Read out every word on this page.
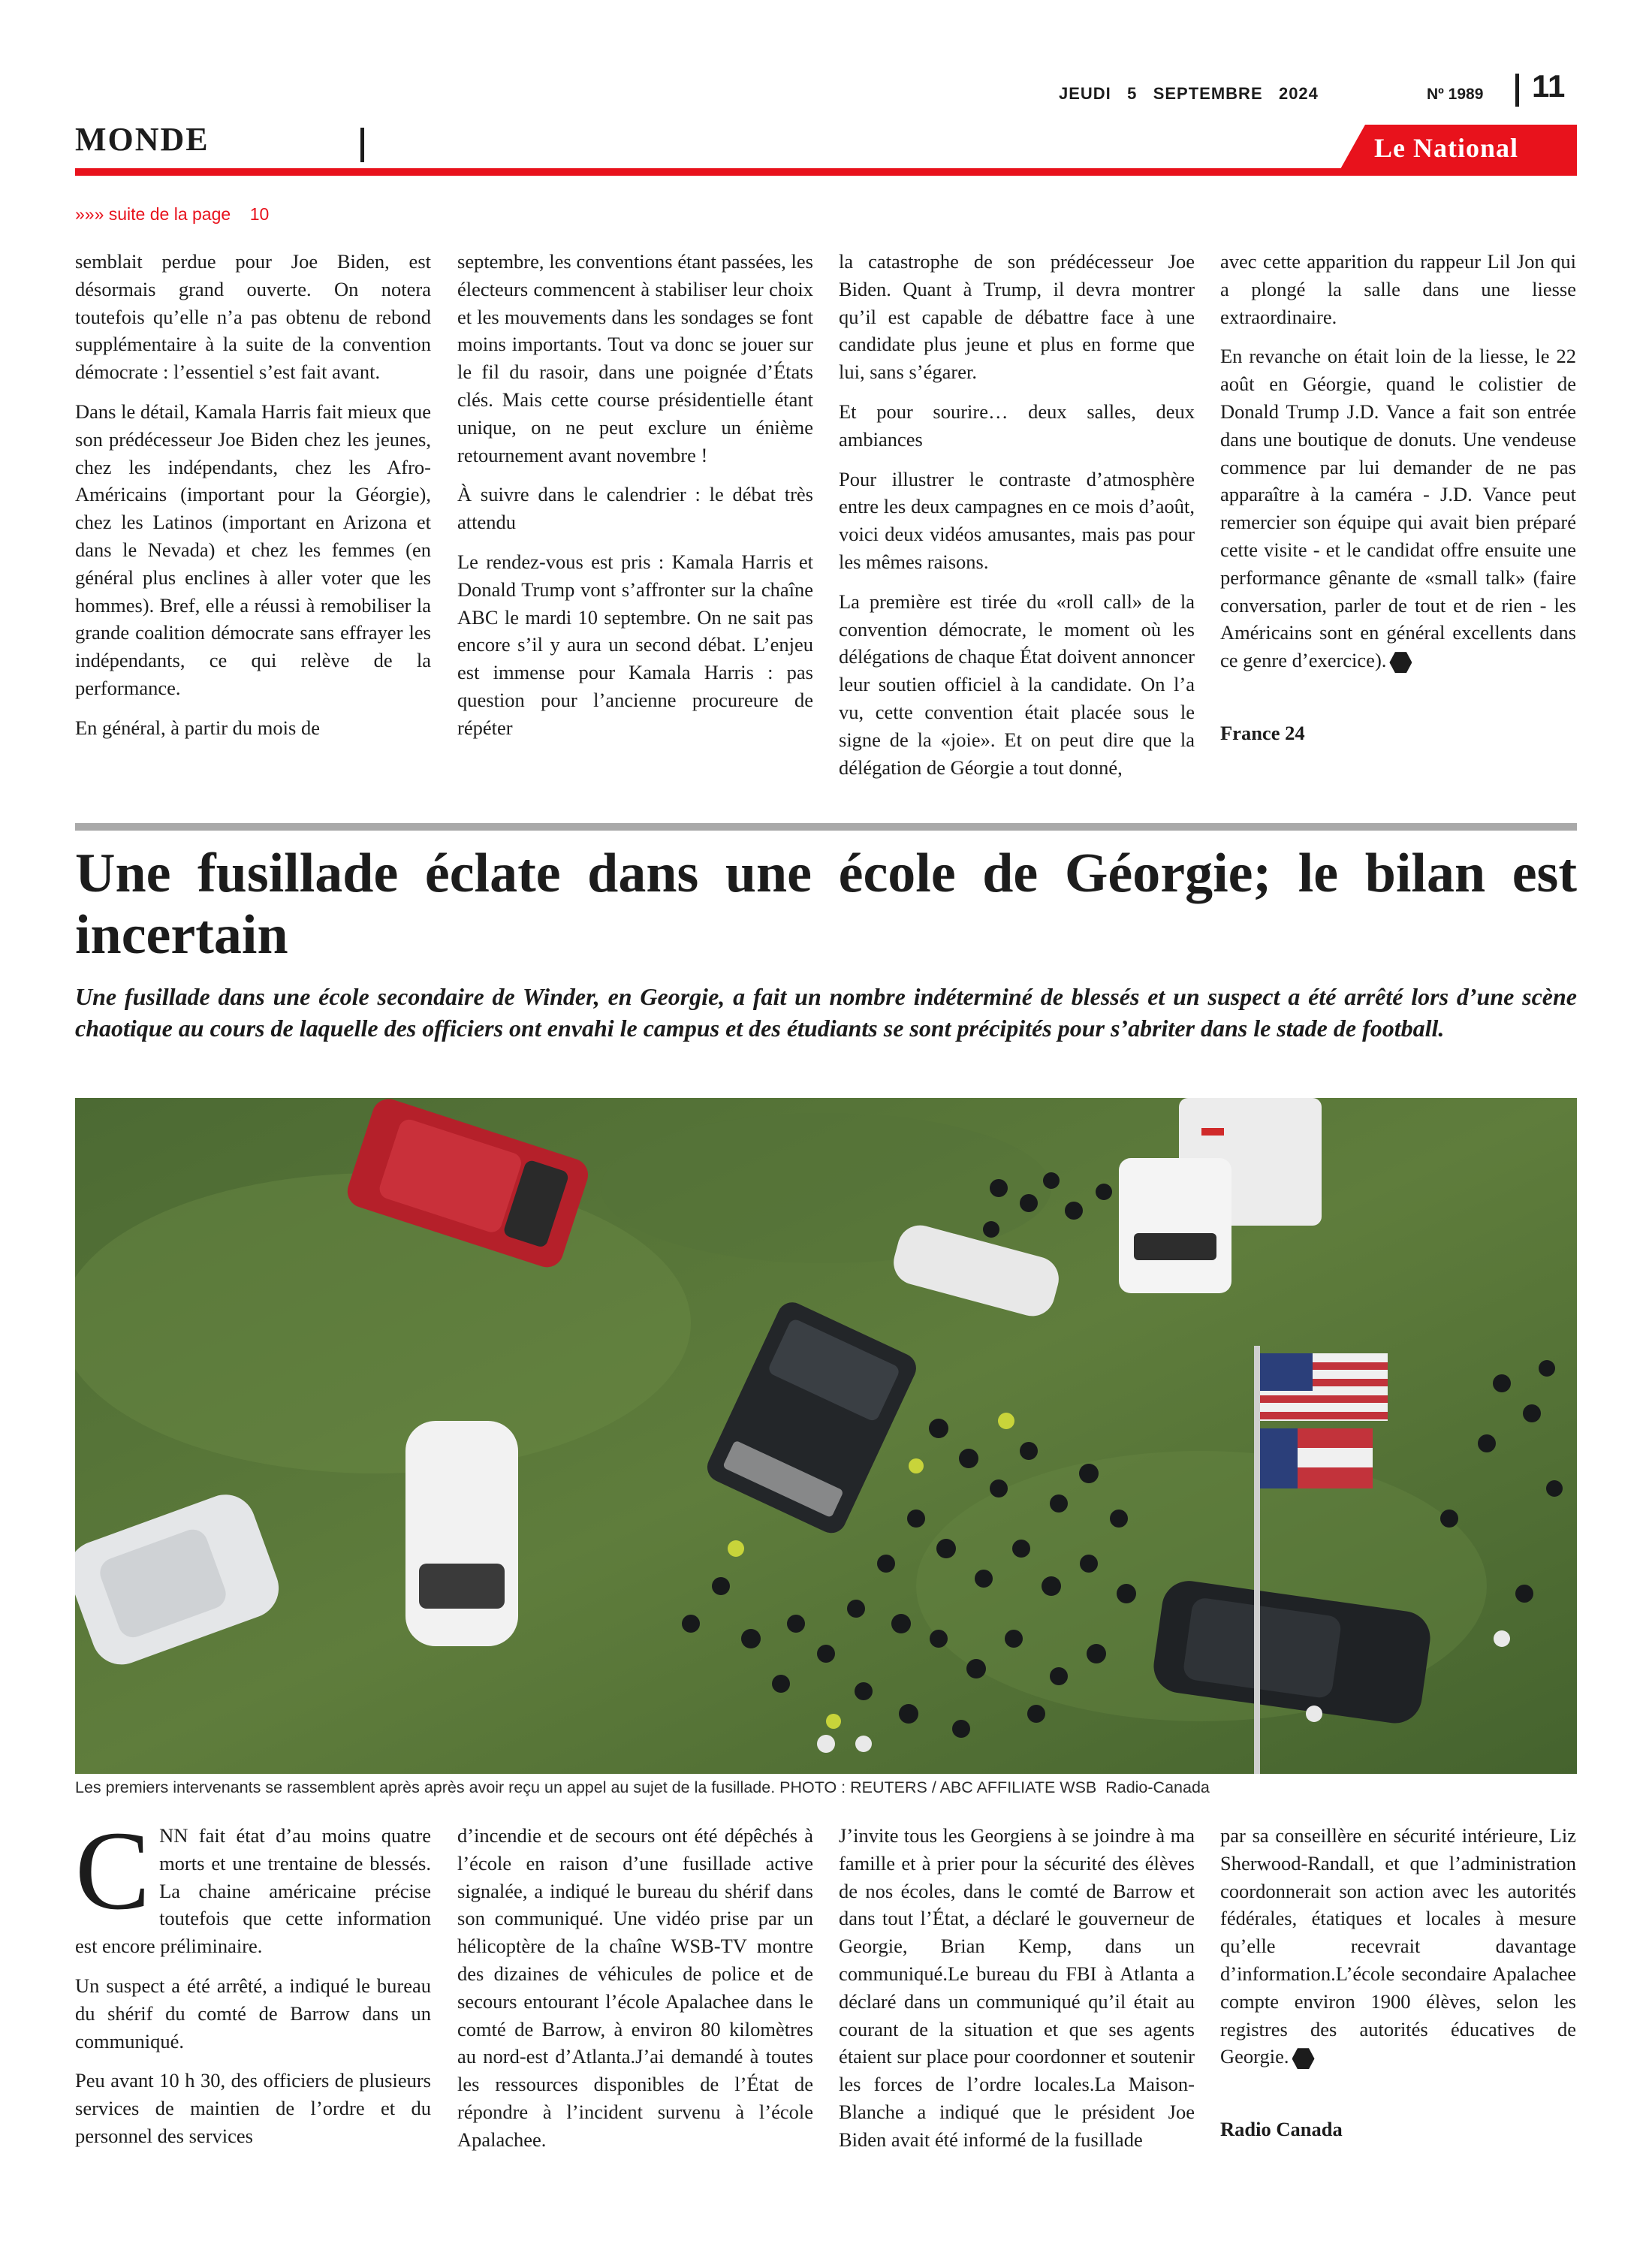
JEUDI   5   SEPTEMBRE   2024	Nº 1989 11
MONDE	Le National
»»» suite de la page    10

semblait perdue pour Joe Biden, est désormais grand ouverte. On notera toutefois qu’elle n’a pas obtenu de rebond supplémentaire à la suite de la convention démocrate : l’essentiel s’est fait avant.

Dans le détail, Kamala Harris fait mieux que son prédécesseur Joe Biden chez les jeunes, chez les indépendants, chez les Afro-Américains (important pour la Géorgie), chez les Latinos (important en Arizona et dans le Nevada) et chez les femmes (en général plus enclines à aller voter que les hommes). Bref, elle a réussi à remobiliser la grande coalition démocrate sans effrayer les indépendants, ce qui relève de la performance.

En général, à partir du mois de

septembre, les conventions étant passées, les électeurs commencent à stabiliser leur choix et les mouvements dans les sondages se font moins importants. Tout va donc se jouer sur le fil du rasoir, dans une poignée d’États clés. Mais cette course présidentielle étant unique, on ne peut exclure un énième retournement avant novembre !

À suivre dans le calendrier : le débat très attendu

Le rendez-vous est pris : Kamala Harris et Donald Trump vont s’affronter sur la chaîne ABC le mardi 10 septembre. On ne sait pas encore s’il y aura un second débat. L’enjeu est immense pour Kamala Harris : pas question pour l’ancienne procureure de répéter

la catastrophe de son prédécesseur Joe Biden. Quant à Trump, il devra montrer qu’il est capable de débattre face à une candidate plus jeune et plus en forme que lui, sans s’égarer.

Et pour sourire… deux salles, deux ambiances

Pour illustrer le contraste d’atmosphère entre les deux campagnes en ce mois d’août, voici deux vidéos amusantes, mais pas pour les mêmes raisons.

La première est tirée du «roll call» de la convention démocrate, le moment où les délégations de chaque État doivent annoncer leur soutien officiel à la candidate. On l’a vu, cette convention était placée sous le signe de la «joie». Et on peut dire que la délégation de Géorgie a tout donné,

avec cette apparition du rappeur Lil Jon qui a plongé la salle dans une liesse extraordinaire.

En revanche on était loin de la liesse, le 22 août en Géorgie, quand le colistier de Donald Trump J.D. Vance a fait son entrée dans une boutique de donuts. Une vendeuse commence par lui demander de ne pas apparaître à la caméra - J.D. Vance peut remercier son équipe qui avait bien préparé cette visite - et le candidat offre ensuite une performance gênante de «small talk» (faire conversation, parler de tout et de rien - les Américains sont en général excellents dans ce genre d’exercice).

France 24

Une fusillade éclate dans une école de Géorgie; le bilan est incertain

Une fusillade dans une école secondaire de Winder, en Georgie, a fait un nombre indéterminé de blessés et un suspect a été arrêté lors d’une scène chaotique au cours de laquelle des officiers ont envahi le campus et des étudiants se sont précipités pour s’abriter dans le stade de football.

Les premiers intervenants se rassemblent après après avoir reçu un appel au sujet de la fusillade. PHOTO : REUTERS / ABC AFFILIATE WSB  Radio-Canada

CNN fait état d’au moins quatre morts et une trentaine de blessés. La chaine américaine précise toutefois que cette information est encore préliminaire.

Un suspect a été arrêté, a indiqué le bureau du shérif du comté de Barrow dans un communiqué.

Peu avant 10 h 30, des officiers de plusieurs services de maintien de l’ordre et du personnel des services

d’incendie et de secours ont été dépêchés à l’école en raison d’une fusillade active signalée, a indiqué le bureau du shérif dans son communiqué. Une vidéo prise par un hélicoptère de la chaîne WSB-TV montre des dizaines de véhicules de police et de secours entourant l’école Apalachee dans le comté de Barrow, à environ 80 kilomètres au nord-est d’Atlanta.J’ai demandé à toutes les ressources disponibles de l’État de répondre à l’incident survenu à l’école Apalachee.

J’invite tous les Georgiens à se joindre à ma famille et à prier pour la sécurité des élèves de nos écoles, dans le comté de Barrow et dans tout l’État, a déclaré le gouverneur de Georgie, Brian Kemp, dans un communiqué.Le bureau du FBI à Atlanta a déclaré dans un communiqué qu’il était au courant de la situation et que ses agents étaient sur place pour coordonner et soutenir les forces de l’ordre locales.La Maison-Blanche a indiqué que le président Joe Biden avait été informé de la fusillade

par sa conseillère en sécurité intérieure, Liz Sherwood-Randall, et que l’administration coordonnerait son action avec les autorités fédérales, étatiques et locales à mesure qu’elle recevrait davantage d’information.L’école secondaire Apalachee compte environ 1900 élèves, selon les registres des autorités éducatives de Georgie.

Radio Canada
